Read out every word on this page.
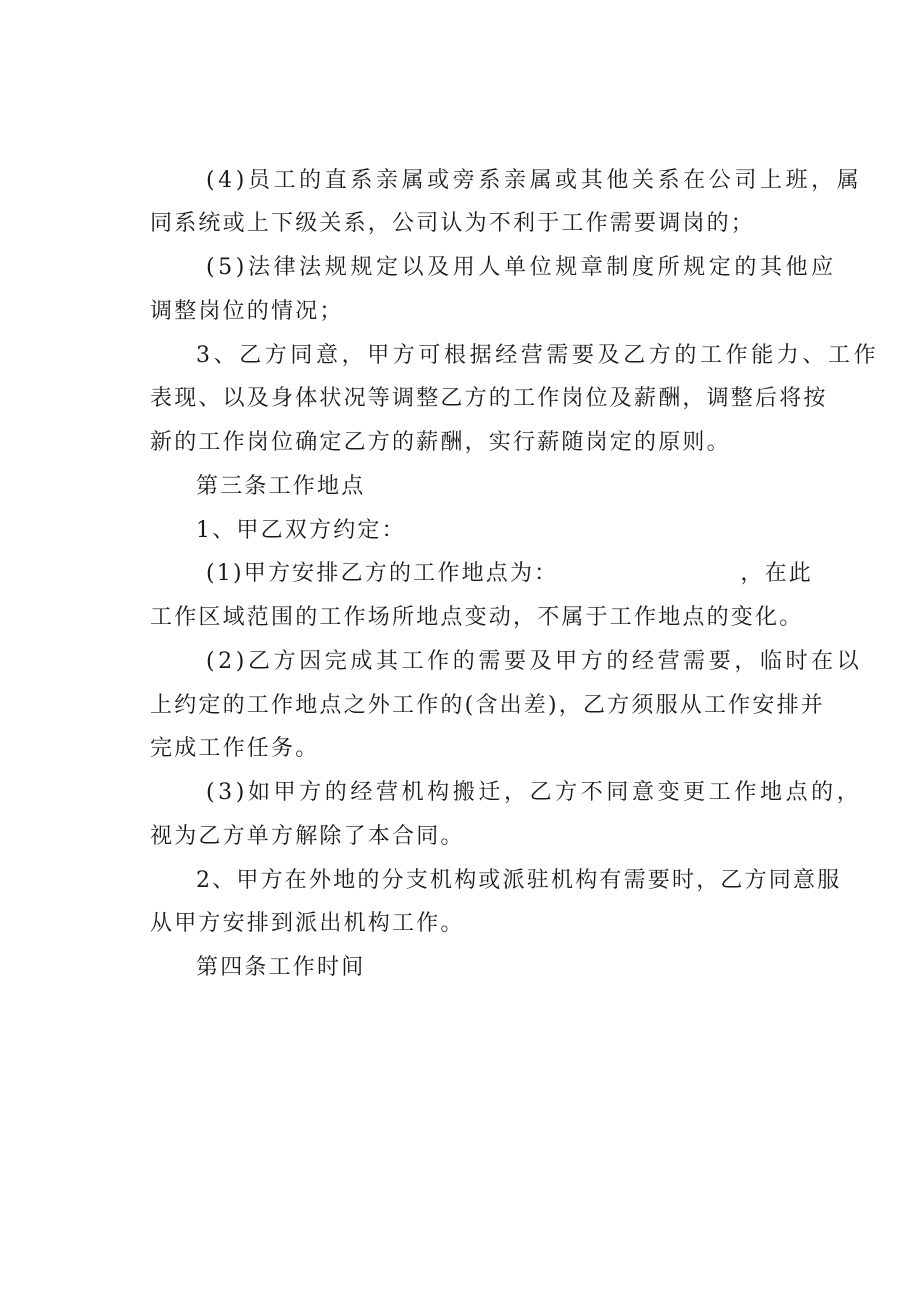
(4)员工的直系亲属或旁系亲属或其他关系在公司上班，属
同系统或上下级关系，公司认为不利于工作需要调岗的；
(5)法律法规规定以及用人单位规章制度所规定的其他应
调整岗位的情况；
3、乙方同意，甲方可根据经营需要及乙方的工作能力、工作
表现、以及身体状况等调整乙方的工作岗位及薪酬，调整后将按
新的工作岗位确定乙方的薪酬，实行薪随岗定的原则。
第三条工作地点
1、甲乙双方约定：
(1)甲方安排乙方的工作地点为：	，在此
工作区域范围的工作场所地点变动，不属于工作地点的变化。
(2)乙方因完成其工作的需要及甲方的经营需要，临时在以
上约定的工作地点之外工作的(含出差)，乙方须服从工作安排并
完成工作任务。
(3)如甲方的经营机构搬迁，乙方不同意变更工作地点的，
视为乙方单方解除了本合同。
2、甲方在外地的分支机构或派驻机构有需要时，乙方同意服
从甲方安排到派出机构工作。
第四条工作时间
